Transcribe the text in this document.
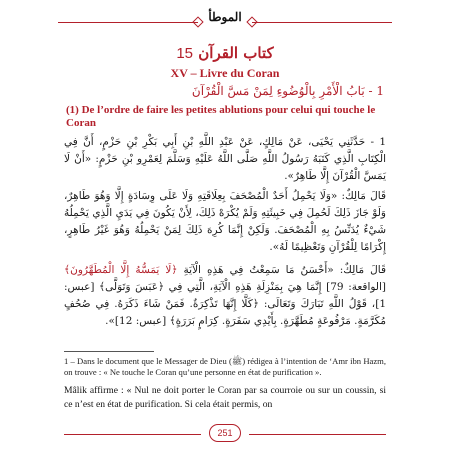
الموطأ
15 كتاب القرآن
XV – Livre du Coran
1 - بَابُ الْأَمْرِ بِالْوُضُوءِ لِمَنْ مَسَّ الْقُرْآنَ
(1) De l’ordre de faire les petites ablutions pour celui qui touche le Coran
1 - حَدَّثَنِي يَحْيَى، عَنْ مَالِكٍ، عَنْ عَبْدِ اللَّهِ بْنِ أَبِي بَكْرِ بْنِ حَزْمٍ، أَنَّ فِي الْكِتَابِ الَّذِي كَتَبَهُ رَسُولُ اللَّهِ صَلَّى اللَّهُ عَلَيْهِ وَسَلَّمَ لِعَمْرِو بْنِ حَزْمٍ: «أَنْ لَا يَمَسَّ الْقُرْآنَ إِلَّا طَاهِرٌ».
قَالَ مَالِكٌ: «وَلَا يَحْمِلُ أَحَدٌ الْمُصْحَفَ بِعِلَاقَتِهِ وَلَا عَلَى وِسَادَةٍ إِلَّا وَهُوَ طَاهِرٌ، وَلَوْ جَازَ ذَلِكَ لَحُمِلَ فِي خَبِيئَتِهِ وَلَمْ يُكْرَهْ ذَلِكَ، لِأَنْ يَكُونَ فِي يَدَيِ الَّذِي يَحْمِلُهُ شَيْءٌ يُدَنِّسُ بِهِ الْمُصْحَفَ. وَلَكِنْ إِنَّمَا كُرِهَ ذَلِكَ لِمَنْ يَحْمِلُهُ وَهُوَ غَيْرُ طَاهِرٍ، إِكْرَامًا لِلْقُرْآنِ وَتَعْظِيمًا لَهُ».
قَالَ مَالِكٌ: «أَحْسَنُ مَا سَمِعْتُ فِي هَذِهِ الْآيَةِ ﴿لَا يَمَسُّهُ إِلَّا الْمُطَهَّرُونَ﴾ [الواقعة: 79] إِنَّمَا هِيَ بِمَنْزِلَةِ هَذِهِ الْآيَةِ، الَّتِي فِي ﴿عَبَسَ وَتَوَلَّى﴾ [عبس: 1]، قَوْلُ اللَّهِ تَبَارَكَ وَتَعَالَى: ﴿كَلَّا إِنَّهَا تَذْكِرَةٌ. فَمَنْ شَاءَ ذَكَرَهُ. فِي صُحُفٍ مُكَرَّمَةٍ. مَرْفُوعَةٍ مُطَهَّرَةٍ. بِأَيْدِي سَفَرَةٍ. كِرَامٍ بَرَرَةٍ﴾ [عبس: 12]».
1 – Dans le document que le Messager de Dieu (ﷺ) rédigea à l’intention de ‘Amr ibn Hazm, on trouve : « Ne touche le Coran qu’une personne en état de purification ».
Mâlik affirme : « Nul ne doit porter le Coran par sa courroie ou sur un coussin, si ce n’est en état de purification. Si cela était permis, on
251
